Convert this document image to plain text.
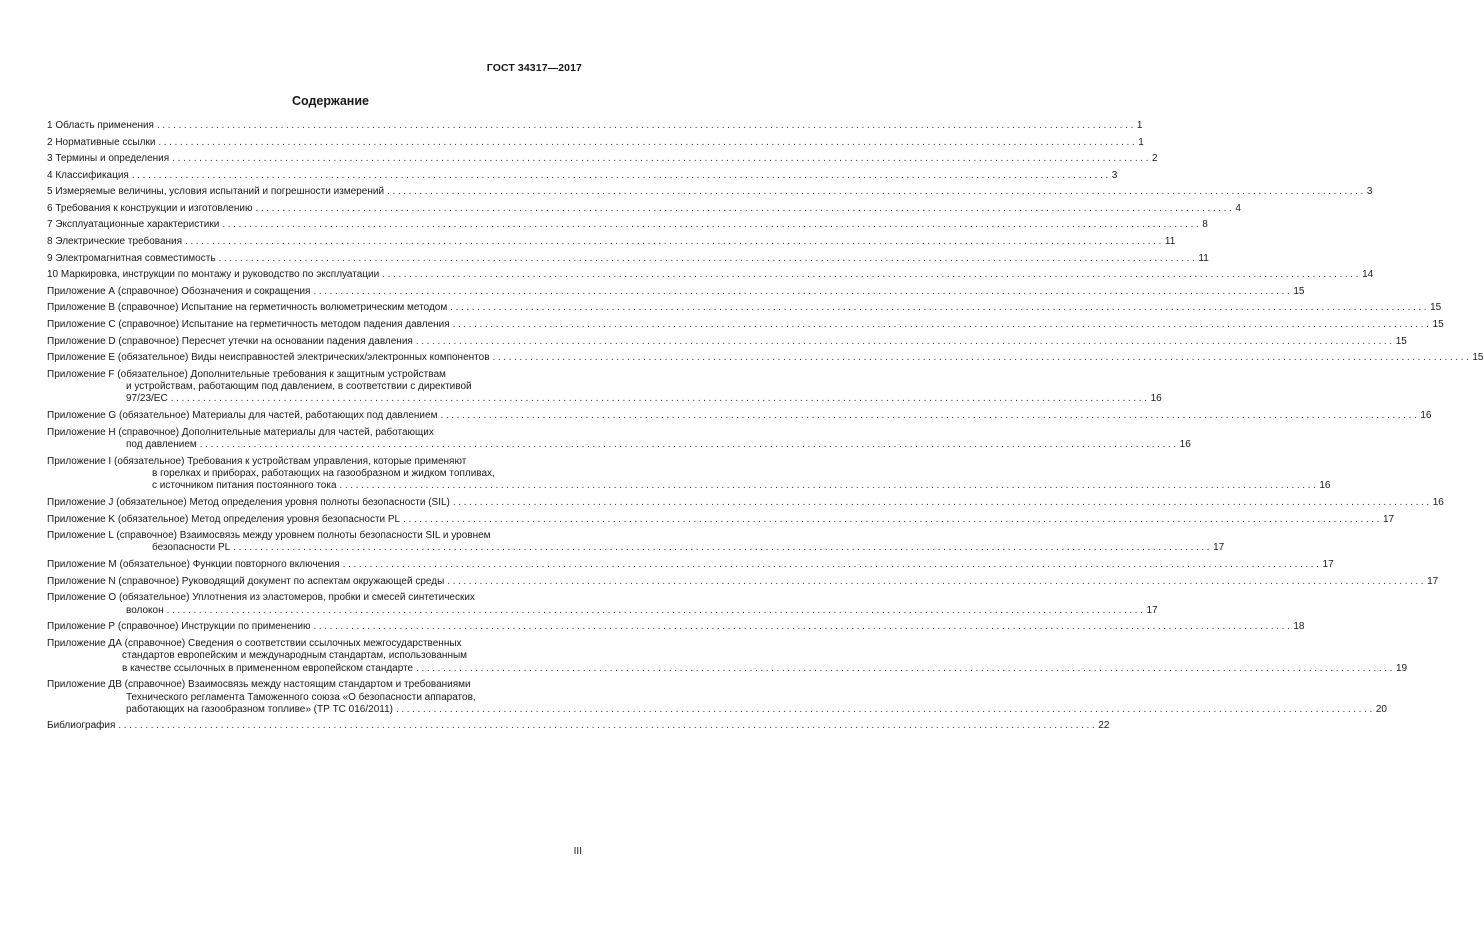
ГОСТ 34317—2017
Содержание
1 Область применения ...................................................................................................................................................................................... 1
2 Нормативные ссылки ...................................................................................................................................................................................... 1
3 Термины и определения ...................................................................................................................................................................................... 2
4 Классификация ...................................................................................................................................................................................... 3
5 Измеряемые величины, условия испытаний и погрешности измерений ...................................................................................................................................................................................... 3
6 Требования к конструкции и изготовлению ...................................................................................................................................................................................... 4
7 Эксплуатационные характеристики ...................................................................................................................................................................................... 8
8 Электрические требования ...................................................................................................................................................................................... 11
9 Электромагнитная совместимость ...................................................................................................................................................................................... 11
10 Маркировка, инструкции по монтажу и руководство по эксплуатации ...................................................................................................................................................................................... 14
Приложение А (справочное) Обозначения и сокращения ...................................................................................................................................................................................... 15
Приложение В (справочное) Испытание на герметичность волюметрическим методом ...................................................................................................................................................................................... 15
Приложение С (справочное) Испытание на герметичность методом падения давления ...................................................................................................................................................................................... 15
Приложение D (справочное) Пересчет утечки на основании падения давления ...................................................................................................................................................................................... 15
Приложение Е (обязательное) Виды неисправностей электрических/электронных компонентов ...................................................................................................................................................................................... 15
Приложение F (обязательное) Дополнительные требования к защитным устройствам
и устройствам, работающим под давлением, в соответствии с директивой
97/23/ЕС ...................................................................................................................................................................................... 16
Приложение G (обязательное) Материалы для частей, работающих под давлением ...................................................................................................................................................................................... 16
Приложение Н (справочное) Дополнительные материалы для частей, работающих
под давлением ...................................................................................................................................................................................... 16
Приложение I (обязательное) Требования к устройствам управления, которые применяют
в горелках и приборах, работающих на газообразном и жидком топливах,
с источником питания постоянного тока ...................................................................................................................................................................................... 16
Приложение J (обязательное) Метод определения уровня полноты безопасности (SIL) ...................................................................................................................................................................................... 16
Приложение K (обязательное) Метод определения уровня безопасности PL ...................................................................................................................................................................................... 17
Приложение L (справочное) Взаимосвязь между уровнем полноты безопасности SIL и уровнем
безопасности PL ...................................................................................................................................................................................... 17
Приложение М (обязательное) Функции повторного включения ...................................................................................................................................................................................... 17
Приложение N (справочное) Руководящий документ по аспектам окружающей среды ...................................................................................................................................................................................... 17
Приложение О (обязательное) Уплотнения из эластомеров, пробки и смесей синтетических
волокон ...................................................................................................................................................................................... 17
Приложение Р (справочное) Инструкции по применению ...................................................................................................................................................................................... 18
Приложение ДА (справочное) Сведения о соответствии ссылочных межгосударственных
стандартов европейским и международным стандартам, использованным
в качестве ссылочных в примененном европейском стандарте ...................................................................................................................................................................................... 19
Приложение ДВ (справочное) Взаимосвязь между настоящим стандартом и требованиями
Технического регламента Таможенного союза «О безопасности аппаратов,
работающих на газообразном топливе» (ТР ТС 016/2011) ...................................................................................................................................................................................... 20
Библиография ...................................................................................................................................................................................... 22
III
